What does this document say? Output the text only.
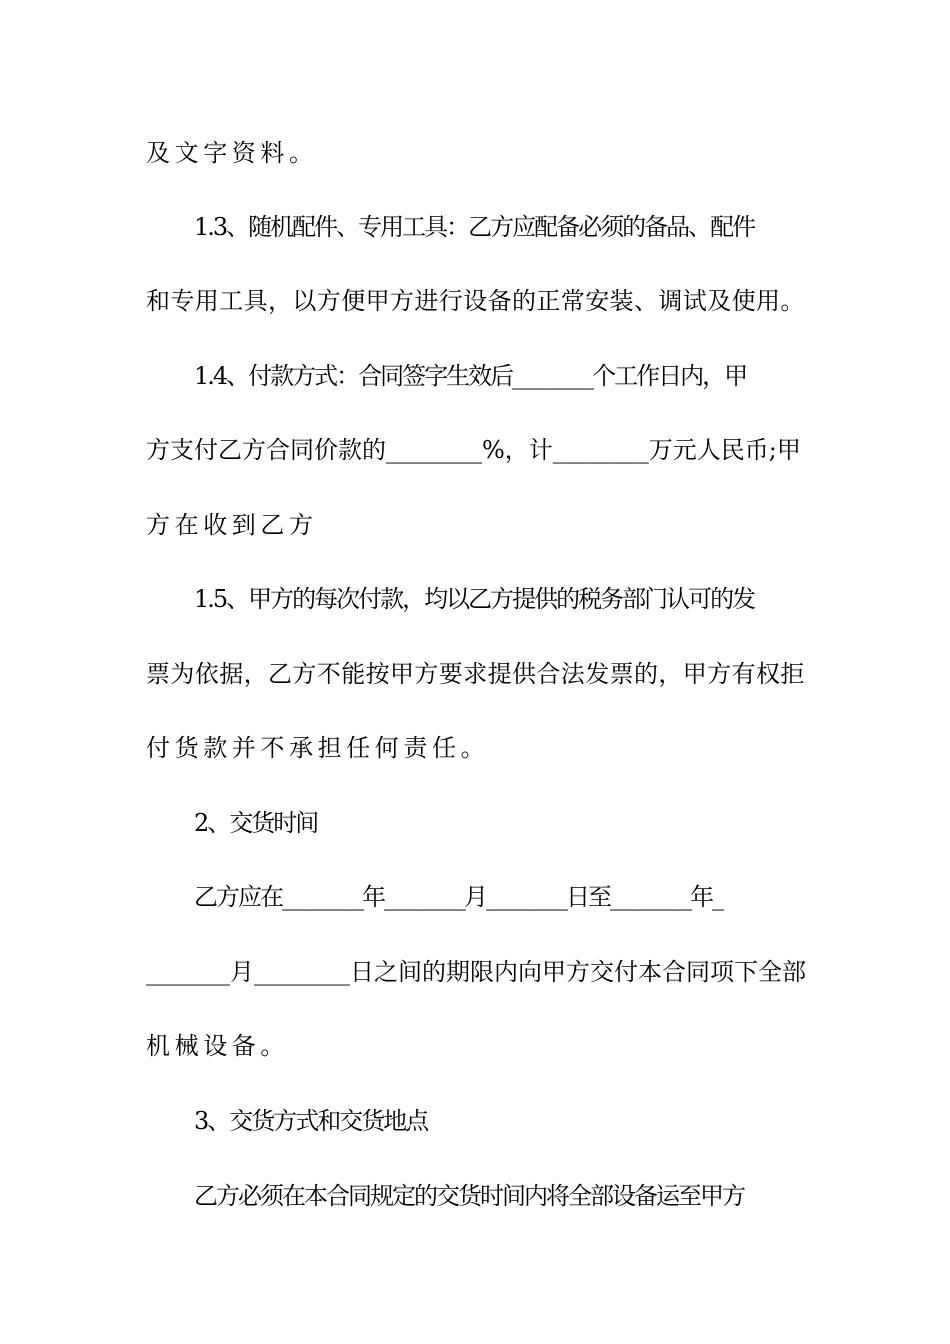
及文字资料。
1.3、随机配件、专用工具：乙方应配备必须的备品、配件
和专用工具，以方便甲方进行设备的正常安装、调试及使用。
1.4、付款方式：合同签字生效后________个工作日内，甲
方支付乙方合同价款的________%，计________万元人民币;甲
方在收到乙方
1.5、甲方的每次付款，均以乙方提供的税务部门认可的发
票为依据，乙方不能按甲方要求提供合法发票的，甲方有权拒
付货款并不承担任何责任。
2、交货时间
乙方应在________年________月________日至________年_
_______月________日之间的期限内向甲方交付本合同项下全部
机械设备。
3、交货方式和交货地点
乙方必须在本合同规定的交货时间内将全部设备运至甲方
